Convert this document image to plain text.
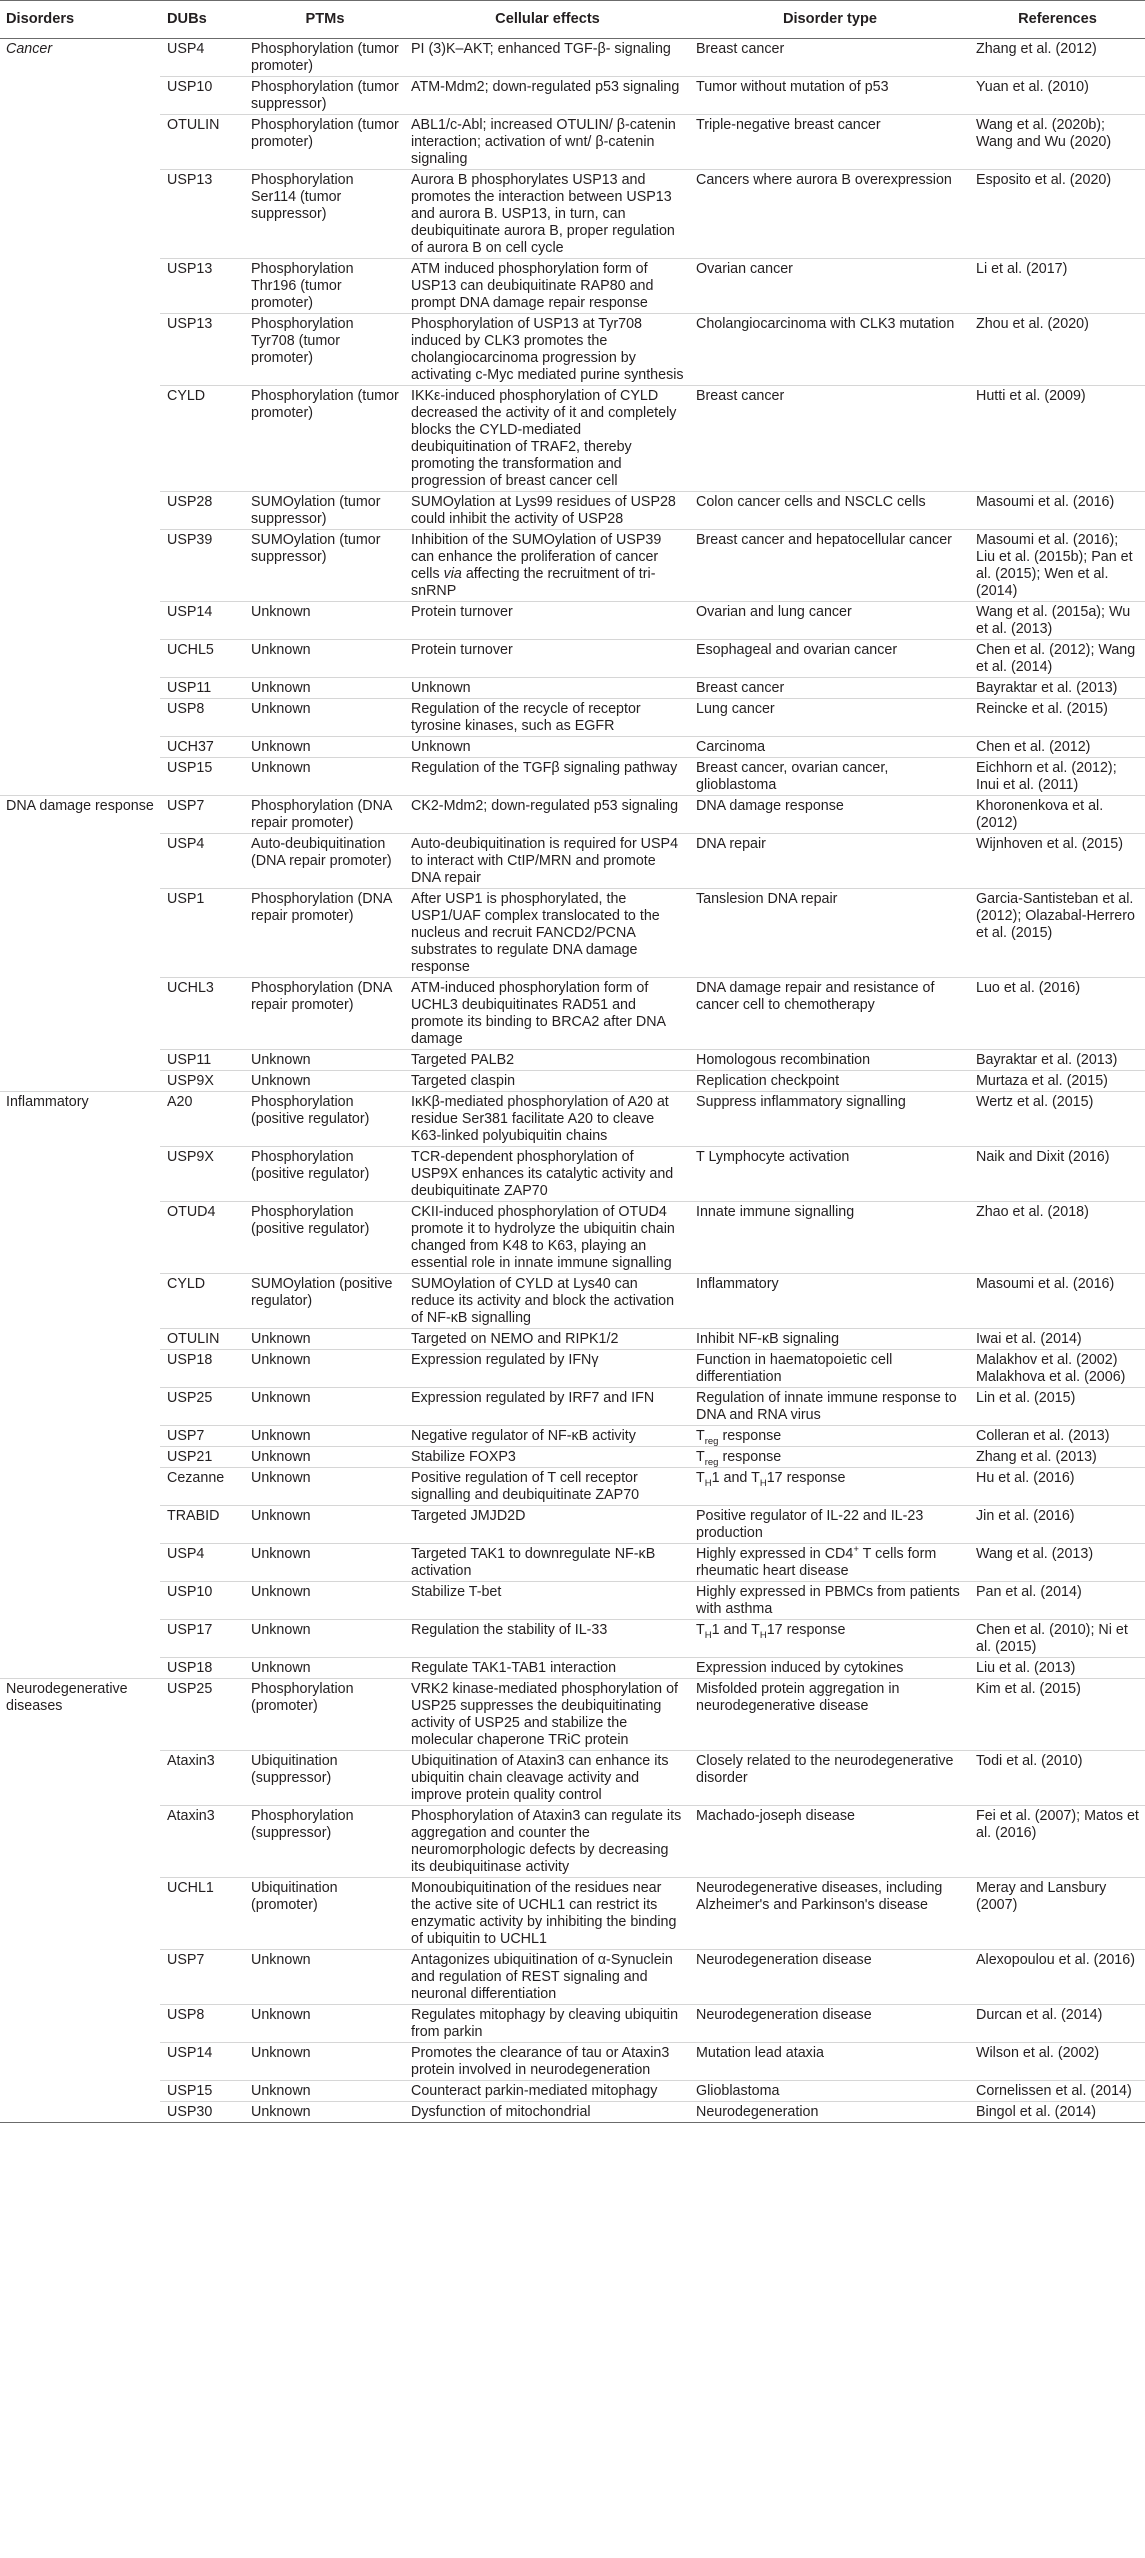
Disorders	DUBs	PTMs	Cellular effects	Disorder type	References
Cancer	USP4	Phosphorylation (tumor promoter)	PI (3)K–AKT; enhanced TGF-β- signaling	Breast cancer	Zhang et al. (2012)
	USP10	Phosphorylation (tumor suppressor)	ATM-Mdm2; down-regulated p53 signaling	Tumor without mutation of p53	Yuan et al. (2010)
	OTULIN	Phosphorylation (tumor promoter)	ABL1/c-Abl; increased OTULIN/ β-catenin interaction; activation of wnt/ β-catenin signaling	Triple-negative breast cancer	Wang et al. (2020b); Wang and Wu (2020)
	USP13	Phosphorylation Ser114 (tumor suppressor)	Aurora B phosphorylates USP13 and promotes the interaction between USP13 and aurora B. USP13, in turn, can deubiquitinate aurora B, proper regulation of aurora B on cell cycle	Cancers where aurora B overexpression	Esposito et al. (2020)
	USP13	Phosphorylation Thr196 (tumor promoter)	ATM induced phosphorylation form of USP13 can deubiquitinate RAP80 and prompt DNA damage repair response	Ovarian cancer	Li et al. (2017)
	USP13	Phosphorylation Tyr708 (tumor promoter)	Phosphorylation of USP13 at Tyr708 induced by CLK3 promotes the cholangiocarcinoma progression by activating c-Myc mediated purine synthesis	Cholangiocarcinoma with CLK3 mutation	Zhou et al. (2020)
	CYLD	Phosphorylation (tumor promoter)	IKKε-induced phosphorylation of CYLD decreased the activity of it and completely blocks the CYLD-mediated deubiquitination of TRAF2, thereby promoting the transformation and progression of breast cancer cell	Breast cancer	Hutti et al. (2009)
	USP28	SUMOylation (tumor suppressor)	SUMOylation at Lys99 residues of USP28 could inhibit the activity of USP28	Colon cancer cells and NSCLC cells	Masoumi et al. (2016)
	USP39	SUMOylation (tumor suppressor)	Inhibition of the SUMOylation of USP39 can enhance the proliferation of cancer cells via affecting the recruitment of tri-snRNP	Breast cancer and hepatocellular cancer	Masoumi et al. (2016); Liu et al. (2015b); Pan et al. (2015); Wen et al. (2014)
	USP14	Unknown	Protein turnover	Ovarian and lung cancer	Wang et al. (2015a); Wu et al. (2013)
	UCHL5	Unknown	Protein turnover	Esophageal and ovarian cancer	Chen et al. (2012); Wang et al. (2014)
	USP11	Unknown	Unknown	Breast cancer	Bayraktar et al. (2013)
	USP8	Unknown	Regulation of the recycle of receptor tyrosine kinases, such as EGFR	Lung cancer	Reincke et al. (2015)
	UCH37	Unknown	Unknown	Carcinoma	Chen et al. (2012)
	USP15	Unknown	Regulation of the TGFβ signaling pathway	Breast cancer, ovarian cancer, glioblastoma	Eichhorn et al. (2012); Inui et al. (2011)
DNA damage response	USP7	Phosphorylation (DNA repair promoter)	CK2-Mdm2; down-regulated p53 signaling	DNA damage response	Khoronenkova et al. (2012)
	USP4	Auto-deubiquitination (DNA repair promoter)	Auto-deubiquitination is required for USP4 to interact with CtIP/MRN and promote DNA repair	DNA repair	Wijnhoven et al. (2015)
	USP1	Phosphorylation (DNA repair promoter)	After USP1 is phosphorylated, the USP1/UAF complex translocated to the nucleus and recruit FANCD2/PCNA substrates to regulate DNA damage response	Tanslesion DNA repair	Garcia-Santisteban et al. (2012); Olazabal-Herrero et al. (2015)
	UCHL3	Phosphorylation (DNA repair promoter)	ATM-induced phosphorylation form of UCHL3 deubiquitinates RAD51 and promote its binding to BRCA2 after DNA damage	DNA damage repair and resistance of cancer cell to chemotherapy	Luo et al. (2016)
	USP11	Unknown	Targeted PALB2	Homologous recombination	Bayraktar et al. (2013)
	USP9X	Unknown	Targeted claspin	Replication checkpoint	Murtaza et al. (2015)
Inflammatory	A20	Phosphorylation (positive regulator)	IκKβ-mediated phosphorylation of A20 at residue Ser381 facilitate A20 to cleave K63-linked polyubiquitin chains	Suppress inflammatory signalling	Wertz et al. (2015)
	USP9X	Phosphorylation (positive regulator)	TCR-dependent phosphorylation of USP9X enhances its catalytic activity and deubiquitinate ZAP70	T Lymphocyte activation	Naik and Dixit (2016)
	OTUD4	Phosphorylation (positive regulator)	CKII-induced phosphorylation of OTUD4 promote it to hydrolyze the ubiquitin chain changed from K48 to K63, playing an essential role in innate immune signalling	Innate immune signalling	Zhao et al. (2018)
	CYLD	SUMOylation (positive regulator)	SUMOylation of CYLD at Lys40 can reduce its activity and block the activation of NF-κB signalling	Inflammatory	Masoumi et al. (2016)
	OTULIN	Unknown	Targeted on NEMO and RIPK1/2	Inhibit NF-κB signaling	Iwai et al. (2014)
	USP18	Unknown	Expression regulated by IFNγ	Function in haematopoietic cell differentiation	Malakhov et al. (2002) Malakhova et al. (2006)
	USP25	Unknown	Expression regulated by IRF7 and IFN	Regulation of innate immune response to DNA and RNA virus	Lin et al. (2015)
	USP7	Unknown	Negative regulator of NF-κB activity	$T_{reg}$ response	Colleran et al. (2013)
	USP21	Unknown	Stabilize FOXP3	$T_{reg}$ response	Zhang et al. (2013)
	Cezanne	Unknown	Positive regulation of T cell receptor signalling and deubiquitinate ZAP70	$T_H1$ and $T_H17$ response	Hu et al. (2016)
	TRABID	Unknown	Targeted JMJD2D	Positive regulator of IL-22 and IL-23 production	Jin et al. (2016)
	USP4	Unknown	Targeted TAK1 to downregulate NF-κB activation	Highly expressed in CD4+ T cells form rheumatic heart disease	Wang et al. (2013)
	USP10	Unknown	Stabilize T-bet	Highly expressed in PBMCs from patients with asthma	Pan et al. (2014)
	USP17	Unknown	Regulation the stability of IL-33	$T_H1$ and $T_H17$ response	Chen et al. (2010); Ni et al. (2015)
	USP18	Unknown	Regulate TAK1-TAB1 interaction	Expression induced by cytokines	Liu et al. (2013)
Neurodegenerative diseases	USP25	Phosphorylation (promoter)	VRK2 kinase-mediated phosphorylation of USP25 suppresses the deubiquitinating activity of USP25 and stabilize the molecular chaperone TRiC protein	Misfolded protein aggregation in neurodegenerative disease	Kim et al. (2015)
	Ataxin3	Ubiquitination (suppressor)	Ubiquitination of Ataxin3 can enhance its ubiquitin chain cleavage activity and improve protein quality control	Closely related to the neurodegenerative disorder	Todi et al. (2010)
	Ataxin3	Phosphorylation (suppressor)	Phosphorylation of Ataxin3 can regulate its aggregation and counter the neuromorphologic defects by decreasing its deubiquitinase activity	Machado-joseph disease	Fei et al. (2007); Matos et al. (2016)
	UCHL1	Ubiquitination (promoter)	Monoubiquitination of the residues near the active site of UCHL1 can restrict its enzymatic activity by inhibiting the binding of ubiquitin to UCHL1	Neurodegenerative diseases, including Alzheimer's and Parkinson's disease	Meray and Lansbury (2007)
	USP7	Unknown	Antagonizes ubiquitination of α-Synuclein and regulation of REST signaling and neuronal differentiation	Neurodegeneration disease	Alexopoulou et al. (2016)
	USP8	Unknown	Regulates mitophagy by cleaving ubiquitin from parkin	Neurodegeneration disease	Durcan et al. (2014)
	USP14	Unknown	Promotes the clearance of tau or Ataxin3 protein involved in neurodegeneration	Mutation lead ataxia	Wilson et al. (2002)
	USP15	Unknown	Counteract parkin-mediated mitophagy	Glioblastoma	Cornelissen et al. (2014)
	USP30	Unknown	Dysfunction of mitochondrial	Neurodegeneration	Bingol et al. (2014)
